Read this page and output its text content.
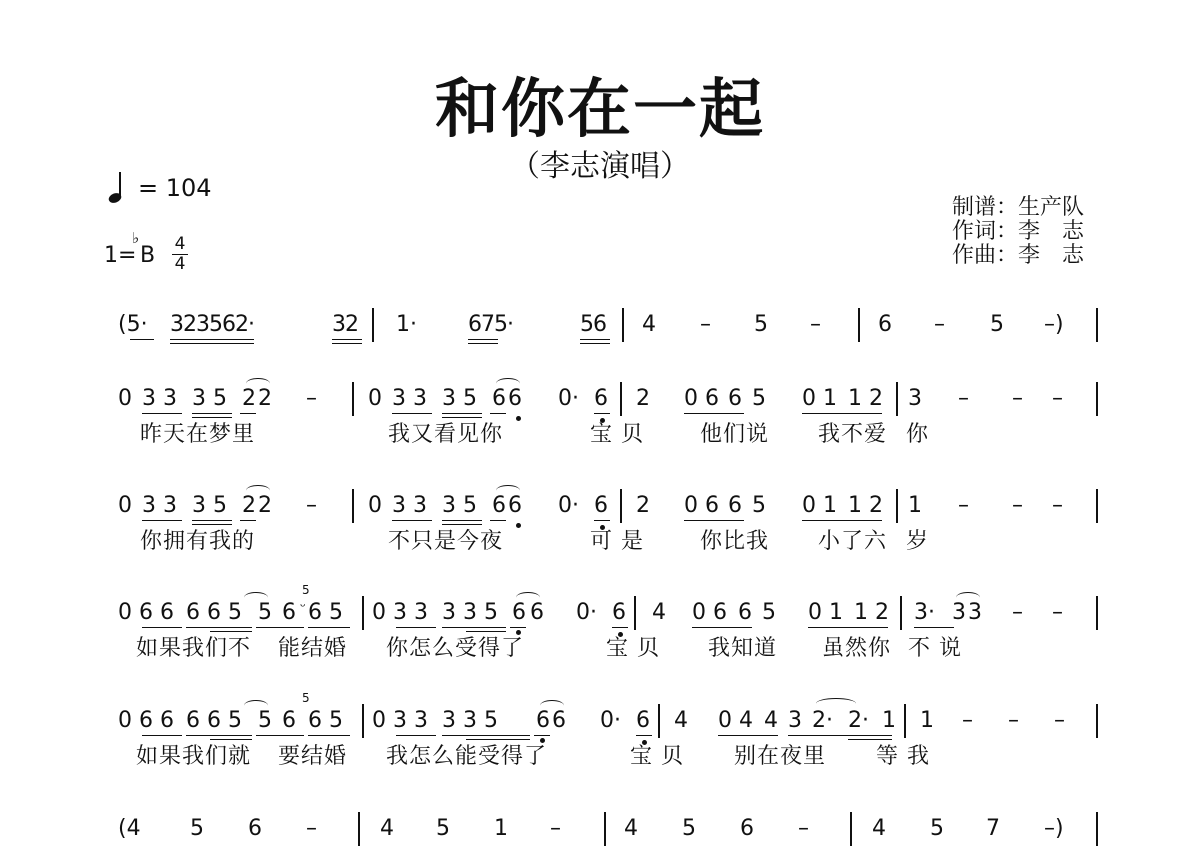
和你在一起
（李志演唱）
= 104
1=
♭
B 4
4
制谱：生产队
作词：李　志
作曲：李　志
(5· 323562·	32 1· 675·	56 4 – 5 –	6 – 5 –)
0 3 3 3 5 2 2 – 0 3 3 3 5 6 6 0· 6 2 0 6 6 5 0 1 1 2 3 – – –
昨天在梦里	我又看见你	宝 贝	他们说 我不爱 你
0 3 3 3 5 2 2 – 0 3 3 3 5 6 6 0· 6 2 0 6 6 5 0 1 1 2 1 – – –
你拥有我的	不只是今夜	可 是	你比我 小了六 岁
0 6 6 6 6 5 5 6
5
ᵕ 6 5 0 3 3 3 3 5 6 6 0· 6 4 0 6 6 5 0 1 1 2 3· 3 3 – –
如果我们不 能结婚 你怎么受得了	宝 贝 我知道 虽然你 不 说
0 6 6 6 6 5 5 6
5
6 5 0 3 3 3 3 5 6 6 0· 6 4 0 4 4 3 2· 2· 1 1 – – –
如果我们就 要结婚 我怎么能受得了	宝 贝 别在夜里 等 我
(4 5 6 –	4 5 1 –	4 5 6 –	4 5 7 –)
